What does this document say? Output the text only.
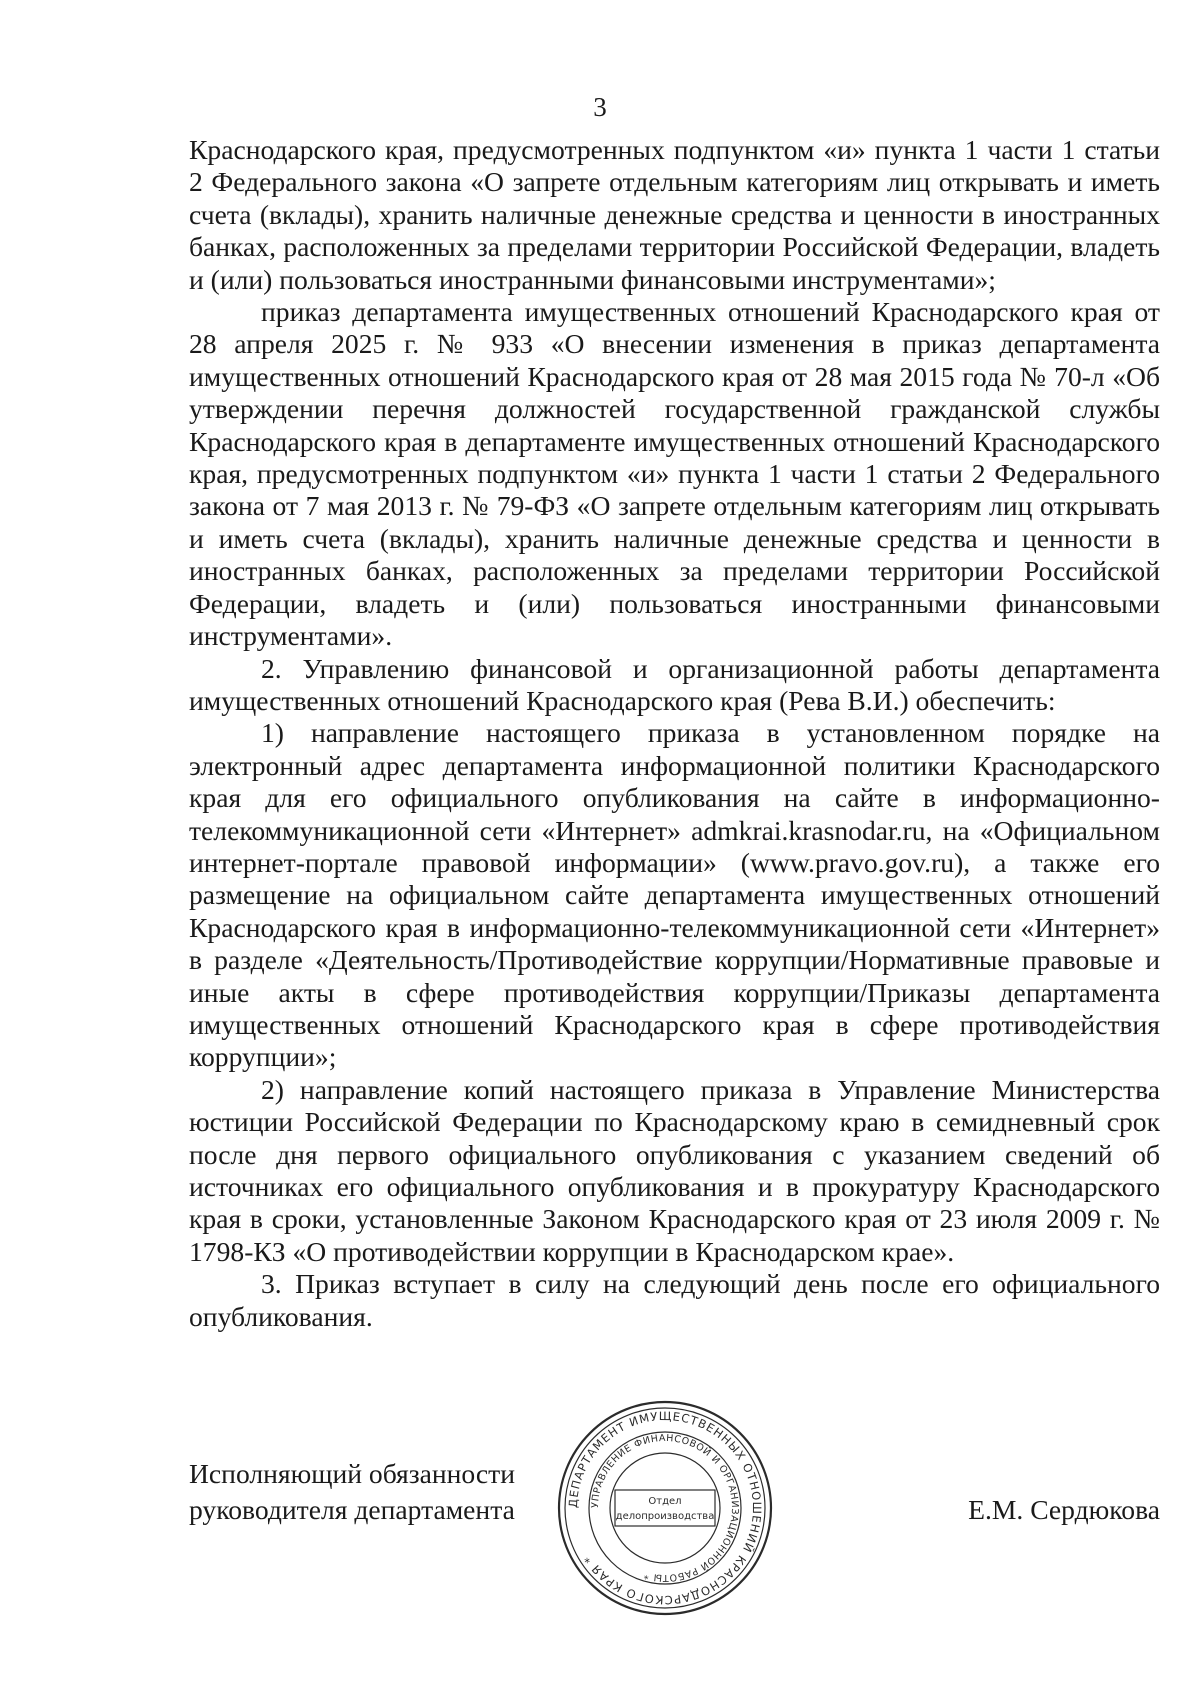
3

Краснодарского края, предусмотренных подпунктом «и» пункта 1 части 1 статьи 2 Федерального закона «О запрете отдельным категориям лиц открывать и иметь счета (вклады), хранить наличные денежные средства и ценности в иностранных банках, расположенных за пределами территории Российской Федерации, владеть и (или) пользоваться иностранными финансовыми инструментами»;

приказ департамента имущественных отношений Краснодарского края от 28 апреля 2025 г. № 933 «О внесении изменения в приказ департамента имущественных отношений Краснодарского края от 28 мая 2015 года № 70-л «Об утверждении перечня должностей государственной гражданской службы Краснодарского края в департаменте имущественных отношений Краснодарского края, предусмотренных подпунктом «и» пункта 1 части 1 статьи 2 Федерального закона от 7 мая 2013 г. № 79-ФЗ «О запрете отдельным категориям лиц открывать и иметь счета (вклады), хранить наличные денежные средства и ценности в иностранных банках, расположенных за пределами территории Российской Федерации, владеть и (или) пользоваться иностранными финансовыми инструментами».

2. Управлению финансовой и организационной работы департамента имущественных отношений Краснодарского края (Рева В.И.) обеспечить:

1) направление настоящего приказа в установленном порядке на электронный адрес департамента информационной политики Краснодарского края для его официального опубликования на сайте в информационно-телекоммуникационной сети «Интернет» admkrai.krasnodar.ru, на «Официальном интернет-портале правовой информации» (www.pravo.gov.ru), а также его размещение на официальном сайте департамента имущественных отношений Краснодарского края в информационно-телекоммуникационной сети «Интернет» в разделе «Деятельность/Противодействие коррупции/Нормативные правовые и иные акты в сфере противодействия коррупции/Приказы департамента имущественных отношений Краснодарского края в сфере противодействия коррупции»;

2) направление копий настоящего приказа в Управление Министерства юстиции Российской Федерации по Краснодарскому краю в семидневный срок после дня первого официального опубликования с указанием сведений об источниках его официального опубликования и в прокуратуру Краснодарского края в сроки, установленные Законом Краснодарского края от 23 июля 2009 г. № 1798-КЗ «О противодействии коррупции в Краснодарском крае».

3. Приказ вступает в силу на следующий день после его официального опубликования.

Исполняющий обязанности
руководителя департамента	ДЕПАРТАМЕНТ ИМУЩЕСТВЕННЫХ ОТНОШЕНИЙ КРАСНОДАРСКОГО КРАЯ *
УПРАВЛЕНИЕ ФИНАНСОВОЙ И ОРГАНИЗАЦИОННОЙ РАБОТЫ *
Отдел
делопроизводства	Е.М. Сердюкова
